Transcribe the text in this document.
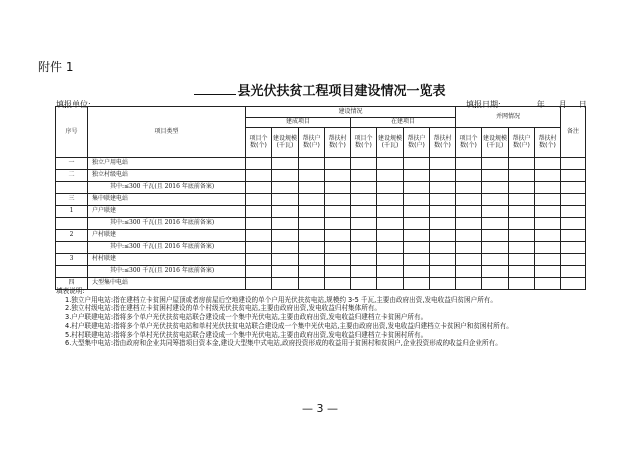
附件 1
县光伏扶贫工程项目建设情况一览表
填报单位:	填报日期:	年 月 日
序号	项目类型	建设情况								并网情况				备注
		建成项目				在建项目								
		项目个数(个)	建设规模(千瓦)	帮扶户数(户)	帮扶村数(个)	项目个数(个)	建设规模(千瓦)	帮扶户数(户)	帮扶村数(个)	项目个数(个)	建设规模(千瓦)	帮扶户数(户)	帮扶村数(个)	
一	独立户用电站													
二	独立村级电站													
	其中:≤300 千瓦(且 2016 年底前备案)													
三	集中联建电站													
1	户户联建													
	其中:≤300 千瓦(且 2016 年底前备案)													
2	户村联建													
	其中:≤300 千瓦(且 2016 年底前备案)													
3	村村联建													
	其中:≤300 千瓦(且 2016 年底前备案)													
四	大型集中电站													

填表说明:

1.独立户用电站:指在建档立卡贫困户屋顶或者房前屋后空地建设的单个户用光伏扶贫电站,规模约 3-5 千瓦,主要由政府出资,发电收益归贫困户所有。

2.独立村级电站:指在建档立卡贫困村建设的单个村级光伏扶贫电站,主要由政府出资,发电收益归村集体所有。

3.户户联建电站:指将多个单户光伏扶贫电站联合建设成一个集中光伏电站,主要由政府出资,发电收益归建档立卡贫困户所有。

4.村户联建电站:指将多个单户光伏扶贫电站和单村光伏扶贫电站联合建设成一个集中光伏电站,主要由政府出资,发电收益归建档立卡贫困户和贫困村所有。

5.村村联建电站:指将多个单村光伏扶贫电站联合建设成一个集中光伏电站,主要由政府出资,发电收益归建档立卡贫困村所有。

6.大型集中电站:指由政府和企业共同筹措项目资本金,建设大型集中式电站,政府投资形成的收益用于贫困村和贫困户,企业投资形成的收益归企业所有。

— 3 —
